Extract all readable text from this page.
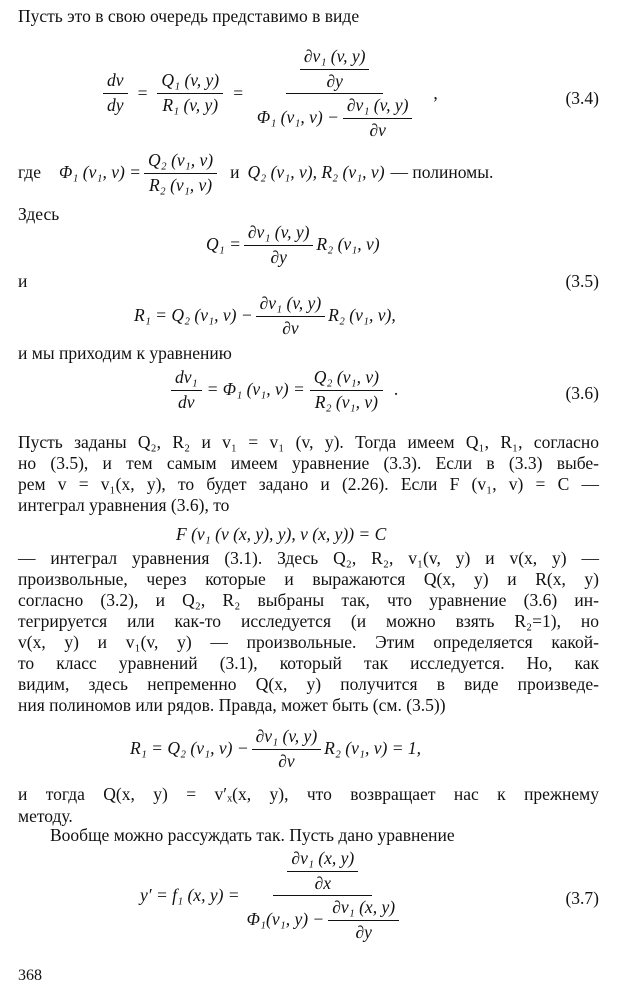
Пусть это в свою очередь представимо в виде
$\frac{dv}{dy} = \frac{\text{Q₁ (v, y)}}{\text{R₁ (v, y)}} = \frac{\frac{\text{∂v₁ (v, y)}}{\partial y}}{\Phi_1 (v_1, v) - \frac{\text{∂v₁ (v, y)}}{\partial v}}$ ,	(3.4)
где Φ₁ (v₁, $v) = \frac{\text{Q₂ (v₁, v)}}{\text{R₂ (v₁, v)}}$ и Q₂ (v₁, v), R₂ (v₁, v) — полиномы.
Здесь
$Q_1 = \frac{\text{∂v₁ (v, y)}}{\partial y} R_2$ (v₁, v)
и	(3.5)
R₁ = Q₂ (v₁, $v) - \frac{\text{∂v₁ (v, y)}}{\partial v} R_2$ (v₁, v),
и мы приходим к уравнению
$\frac{\text{dv₁}}{dv} = \Phi_1$ (v₁, $v) = \frac{\text{Q₂ (v₁, v)}}{\text{R₂ (v₁, v)}}$ .	(3.6)
Пусть заданы Q₂, R₂ и v₁ = v₁ (v, y). Тогда имеем Q₁, R₁, согласно
но (3.5), и тем самым имеем уравнение (3.3). Если в (3.3) выбе-
рем v = v₁(x, y), то будет задано и (2.26). Если F (v₁, v) = C —
интеграл уравнения (3.6), то
F (v₁ (v (x, y), y), v (x, y)) = C
— интеграл уравнения (3.1). Здесь Q₂, R₂, v₁(v, y) и v(x, y) —
произвольные, через которые и выражаются Q(x, y) и R(x, y)
согласно (3.2), и Q₂, R₂ выбраны так, что уравнение (3.6) ин-
тегрируется или как-то исследуется (и можно взять R₂=1), но
v(x, y) и v₁(v, y) — произвольные. Этим определяется какой-
то класс уравнений (3.1), который так исследуется. Но, как
видим, здесь непременно Q(x, y) получится в виде произведе-
ния полиномов или рядов. Правда, может быть (см. (3.5))
R₁ = Q₂ (v₁, $v) - \frac{\text{∂v₁ (v, y)}}{\partial v} R_2$ (v₁, v) = 1,
и тогда Q(x, y) = v′ₓ(x, y), что возвращает нас к прежнему
методу.
Вообще можно рассуждать так. Пусть дано уравнение
y′ = f₁ (x, $y) = \frac{\frac{\text{∂v₁ (x, y)}}{\partial x}}{\Phi_1(v_1, y) - \frac{\text{∂v₁ (x, y)}}{\partial y}}$	(3.7)
368
